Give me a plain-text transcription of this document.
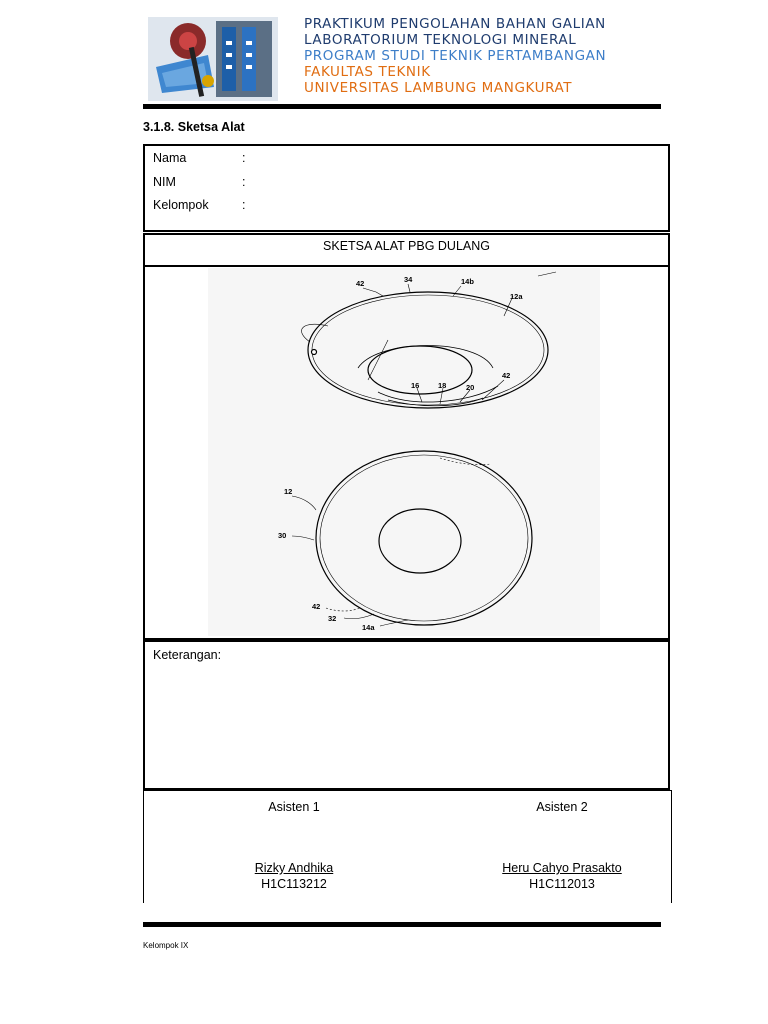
PRAKTIKUM PENGOLAHAN BAHAN GALIAN
LABORATORIUM TEKNOLOGI MINERAL
PROGRAM STUDI TEKNIK PERTAMBANGAN
FAKULTAS TEKNIK
UNIVERSITAS LAMBUNG MANGKURAT
3.1.8. Sketsa Alat
Nama	:
NIM	:
Kelompok	:
SKETSA ALAT PBG DULANG
42	34	14b
12a
16 18	20
42
12
30
42
32
14a
Keterangan:
Asisten 1
Rizky Andhika
H1C113212
Asisten 2
Heru Cahyo Prasakto
H1C112013
Kelompok IX
